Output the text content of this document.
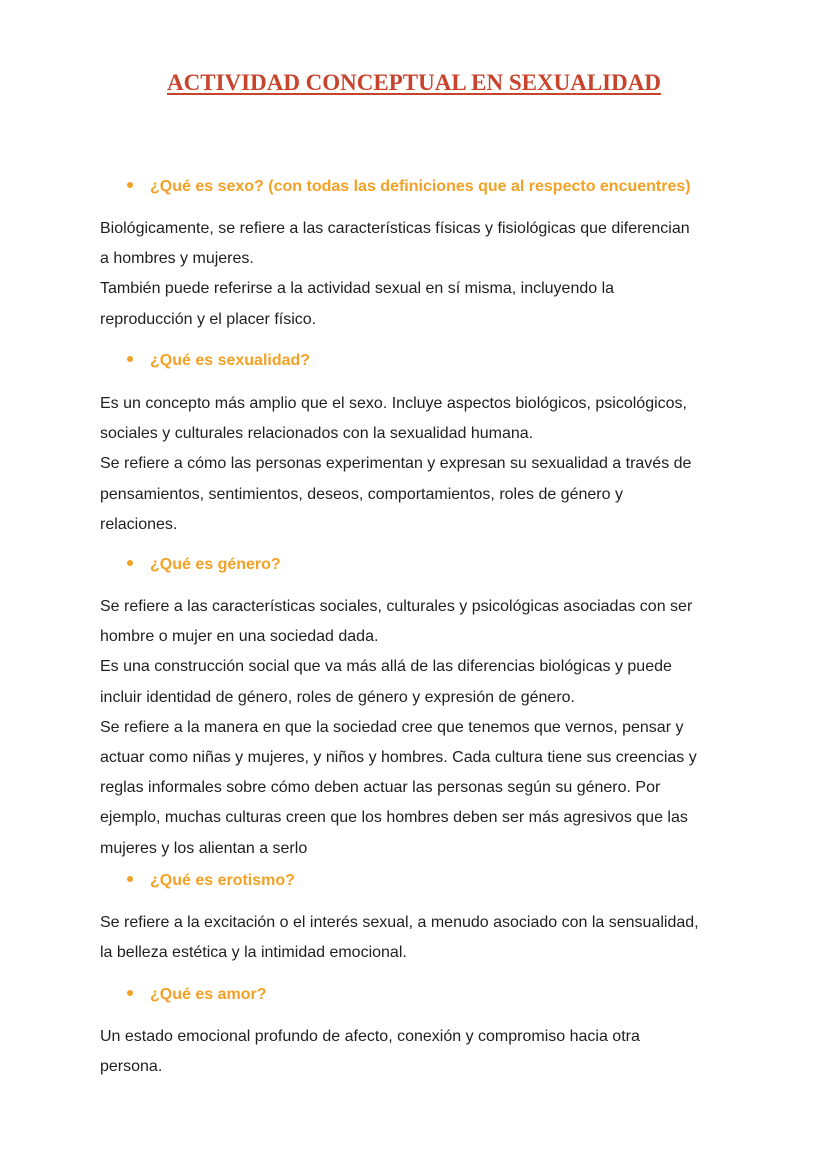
ACTIVIDAD CONCEPTUAL EN SEXUALIDAD
¿Qué es sexo? (con todas las definiciones que al respecto encuentres)
Biológicamente, se refiere a las características físicas y fisiológicas que diferencian
a hombres y mujeres.
También puede referirse a la actividad sexual en sí misma, incluyendo la
reproducción y el placer físico.
¿Qué es sexualidad?
Es un concepto más amplio que el sexo. Incluye aspectos biológicos, psicológicos,
sociales y culturales relacionados con la sexualidad humana.
Se refiere a cómo las personas experimentan y expresan su sexualidad a través de
pensamientos, sentimientos, deseos, comportamientos, roles de género y
relaciones.
¿Qué es género?
Se refiere a las características sociales, culturales y psicológicas asociadas con ser
hombre o mujer en una sociedad dada.
Es una construcción social que va más allá de las diferencias biológicas y puede
incluir identidad de género, roles de género y expresión de género.
Se refiere a la manera en que la sociedad cree que tenemos que vernos, pensar y
actuar como niñas y mujeres, y niños y hombres. Cada cultura tiene sus creencias y
reglas informales sobre cómo deben actuar las personas según su género. Por
ejemplo, muchas culturas creen que los hombres deben ser más agresivos que las
mujeres y los alientan a serlo
¿Qué es erotismo?
Se refiere a la excitación o el interés sexual, a menudo asociado con la sensualidad,
la belleza estética y la intimidad emocional.
¿Qué es amor?
Un estado emocional profundo de afecto, conexión y compromiso hacia otra
persona.
